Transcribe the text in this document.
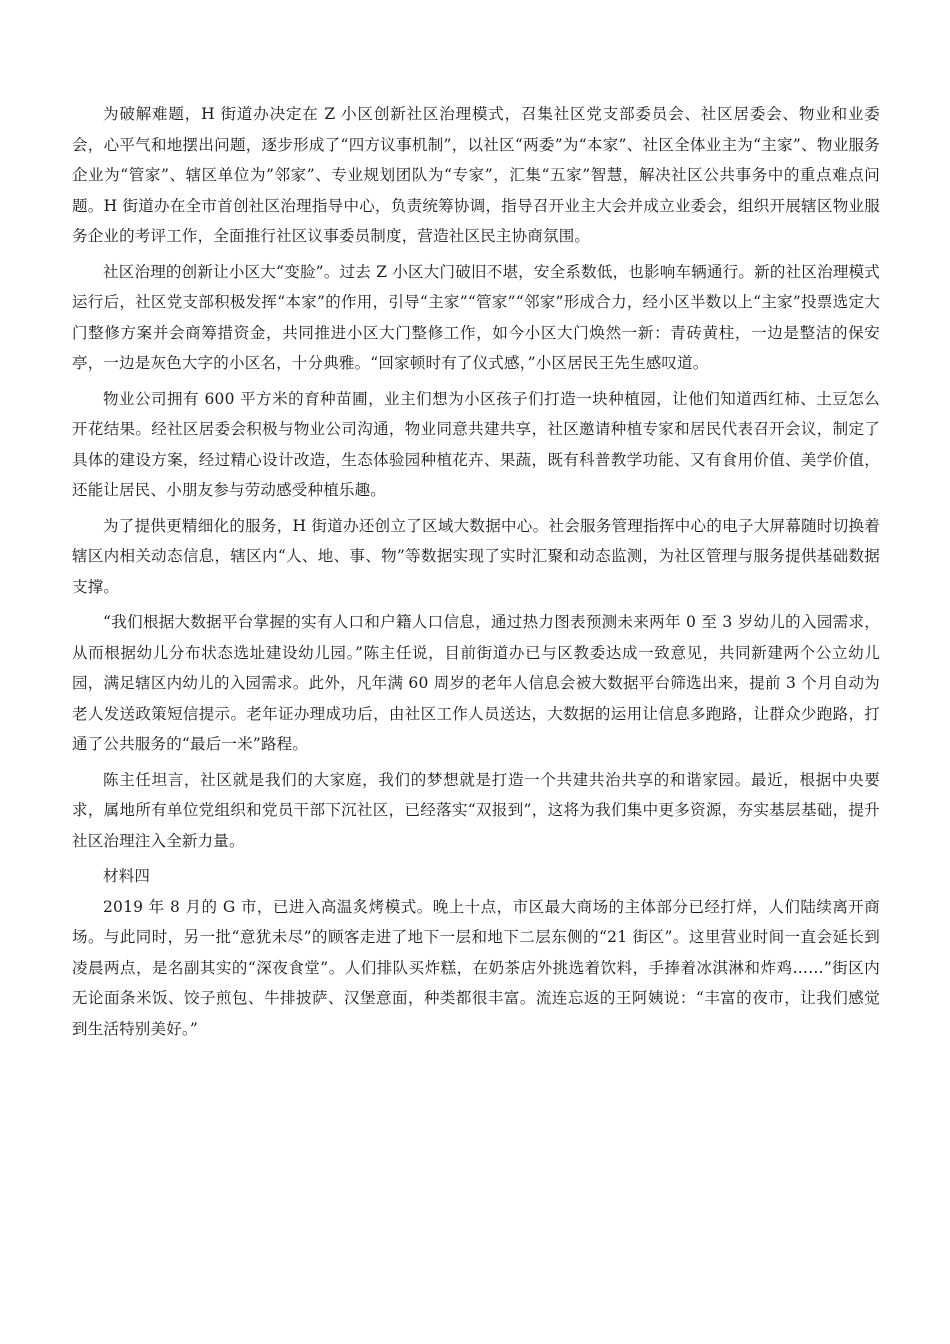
为破解难题，H 街道办决定在 Z 小区创新社区治理模式，召集社区党支部委员会、社区居委会、物业和业委会，心平气和地摆出问题，逐步形成了“四方议事机制”，以社区“两委”为“本家”、社区全体业主为“主家”、物业服务企业为“管家”、辖区单位为”邻家”、专业规划团队为“专家”，汇集“五家”智慧，解决社区公共事务中的重点难点问题。H 街道办在全市首创社区治理指导中心，负责统筹协调，指导召开业主大会并成立业委会，组织开展辖区物业服务企业的考评工作，全面推行社区议事委员制度，营造社区民主协商氛围。

社区治理的创新让小区大“变脸”。过去 Z 小区大门破旧不堪，安全系数低，也影响车辆通行。新的社区治理模式运行后，社区党支部积极发挥“本家”的作用，引导“主家”“管家”“邻家”形成合力，经小区半数以上“主家”投票选定大门整修方案并会商筹措资金，共同推进小区大门整修工作，如今小区大门焕然一新：青砖黄柱，一边是整洁的保安亭，一边是灰色大字的小区名，十分典雅。“回家顿时有了仪式感，”小区居民王先生感叹道。

物业公司拥有 600 平方米的育种苗圃，业主们想为小区孩子们打造一块种植园，让他们知道西红柿、土豆怎么开花结果。经社区居委会积极与物业公司沟通，物业同意共建共享，社区邀请种植专家和居民代表召开会议，制定了具体的建设方案，经过精心设计改造，生态体验园种植花卉、果蔬，既有科普教学功能、又有食用价值、美学价值，还能让居民、小朋友参与劳动感受种植乐趣。

为了提供更精细化的服务，H 街道办还创立了区域大数据中心。社会服务管理指挥中心的电子大屏幕随时切换着辖区内相关动态信息，辖区内“人、地、事、物”等数据实现了实时汇聚和动态监测，为社区管理与服务提供基础数据支撑。

“我们根据大数据平台掌握的实有人口和户籍人口信息，通过热力图表预测未来两年 0 至 3 岁幼儿的入园需求，从而根据幼儿分布状态选址建设幼儿园。”陈主任说，目前街道办已与区教委达成一致意见，共同新建两个公立幼儿园，满足辖区内幼儿的入园需求。此外，凡年满 60 周岁的老年人信息会被大数据平台筛选出来，提前 3 个月自动为老人发送政策短信提示。老年证办理成功后，由社区工作人员送达，大数据的运用让信息多跑路，让群众少跑路，打通了公共服务的“最后一米”路程。

陈主任坦言，社区就是我们的大家庭，我们的梦想就是打造一个共建共治共享的和谐家园。最近，根据中央要求，属地所有单位党组织和党员干部下沉社区，已经落实“双报到”，这将为我们集中更多资源，夯实基层基础，提升社区治理注入全新力量。

材料四

2019 年 8 月的 G 市，已进入高温炙烤模式。晚上十点，市区最大商场的主体部分已经打烊，人们陆续离开商场。与此同时，另一批“意犹未尽”的顾客走进了地下一层和地下二层东侧的“21 街区”。这里营业时间一直会延长到凌晨两点，是名副其实的“深夜食堂”。人们排队买炸糕，在奶茶店外挑选着饮料，手捧着冰淇淋和炸鸡……”街区内无论面条米饭、饺子煎包、牛排披萨、汉堡意面，种类都很丰富。流连忘返的王阿姨说：“丰富的夜市，让我们感觉到生活特别美好。”
